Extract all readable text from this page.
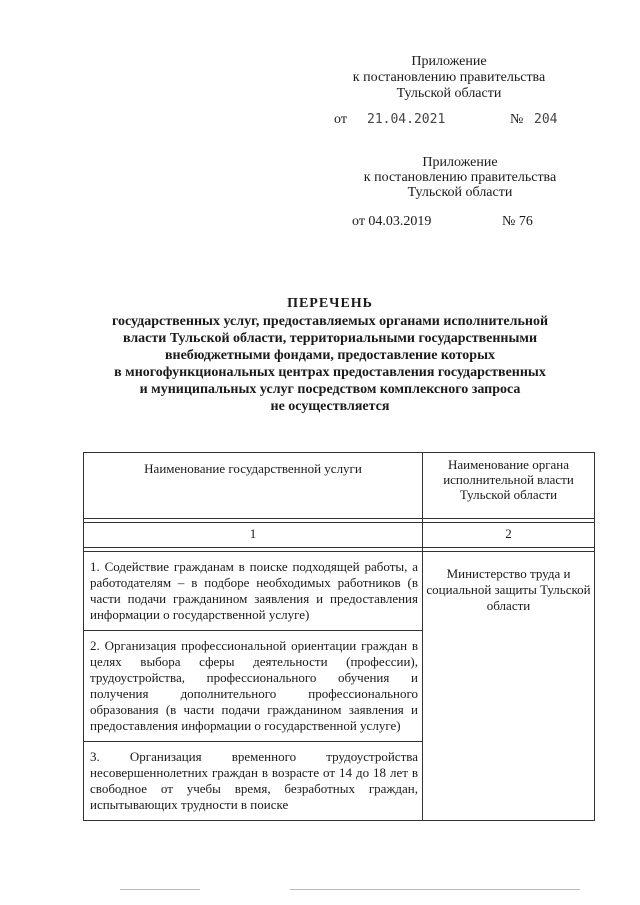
Приложение
к постановлению правительства
Тульской области
от 21.04.2021	№ 204
Приложение
к постановлению правительства
Тульской области
от 04.03.2019	№ 76
ПЕРЕЧЕНЬ
государственных услуг, предоставляемых органами исполнительной
власти Тульской области, территориальными государственными
внебюджетными фондами, предоставление которых
в многофункциональных центрах предоставления государственных
и муниципальных услуг посредством комплексного запроса
не осуществляется
Наименование государственной услуги	Наименование органа исполнительной власти Тульской области

1	2

1. Содействие гражданам в поиске подходящей работы, а работодателям – в подборе необходимых работников (в части подачи гражданином заявления и предоставления информации о государственной услуге)	Министерство труда и социальной защиты Тульской области
2. Организация профессиональной ориентации граждан в целях выбора сферы деятельности (профессии), трудоустройства, профессионального обучения и получения дополнительного профессионального образования (в части подачи гражданином заявления и предоставления информации о государственной услуге)	
3. Организация временного трудоустройства несовершеннолетних граждан в возрасте от 14 до 18 лет в свободное от учебы время, безработных граждан, испытывающих трудности в поиске	
